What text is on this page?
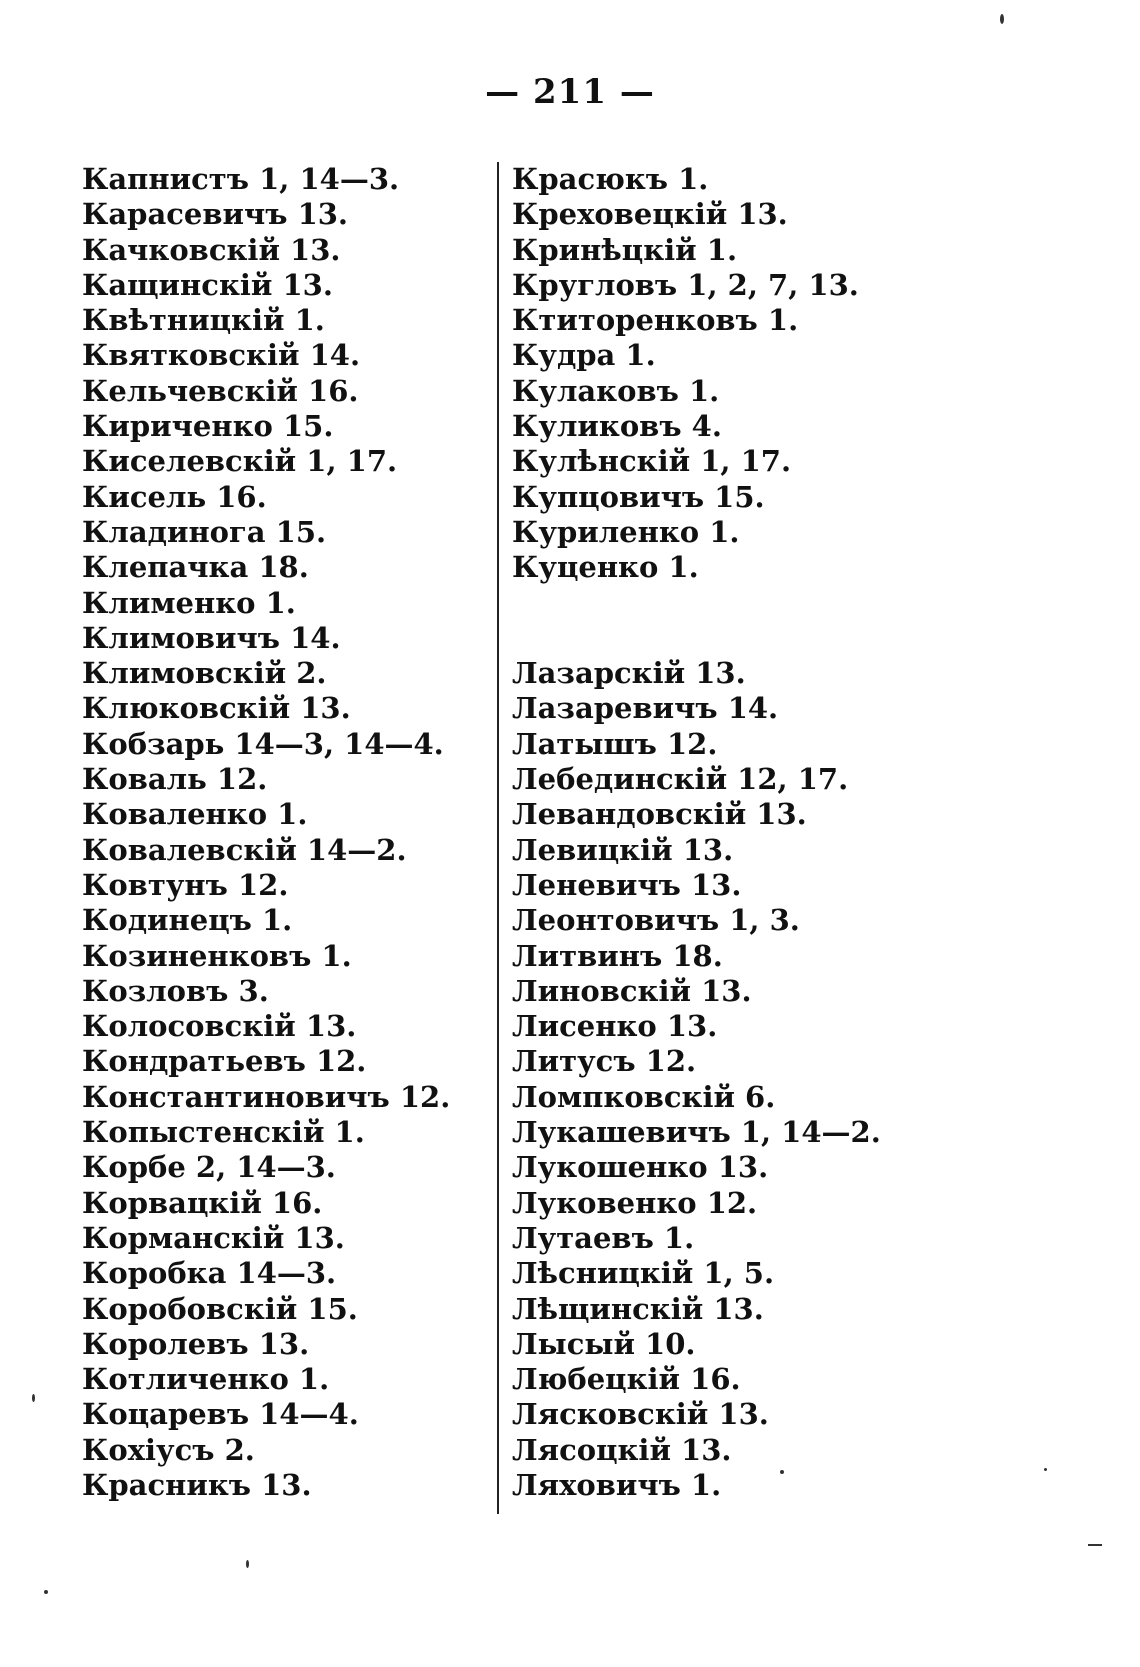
— 211 —
Капнистъ 1, 14—3.
Карасевичъ 13.
Качковскій 13.
Кащинскій 13.
Квѣтницкій 1.
Квятковскій 14.
Кельчевскій 16.
Кириченко 15.
Киселевскій 1, 17.
Кисель 16.
Кладинога 15.
Клепачка 18.
Клименко 1.
Климовичъ 14.
Климовскій 2.
Клюковскій 13.
Кобзарь 14—3, 14—4.
Коваль 12.
Коваленко 1.
Ковалевскій 14—2.
Ковтунъ 12.
Кодинецъ 1.
Козиненковъ 1.
Козловъ 3.
Колосовскій 13.
Кондратьевъ 12.
Константиновичъ 12.
Копыстенскій 1.
Корбе 2, 14—3.
Корвацкій 16.
Корманскій 13.
Коробка 14—3.
Коробовскій 15.
Королевъ 13.
Котличенко 1.
Коцаревъ 14—4.
Кохіусъ 2.
Красникъ 13.
Красюкъ 1.
Креховецкій 13.
Кринѣцкій 1.
Кругловъ 1, 2, 7, 13.
Ктиторенковъ 1.
Кудра 1.
Кулаковъ 1.
Куликовъ 4.
Кулѣнскій 1, 17.
Купцовичъ 15.
Куриленко 1.
Куценко 1.
Лазарскій 13.
Лазаревичъ 14.
Латышъ 12.
Лебединскій 12, 17.
Левандовскій 13.
Левицкій 13.
Леневичъ 13.
Леонтовичъ 1, 3.
Литвинъ 18.
Линовскій 13.
Лисенко 13.
Литусъ 12.
Ломпковскій 6.
Лукашевичъ 1, 14—2.
Лукошенко 13.
Луковенко 12.
Лутаевъ 1.
Лѣсницкій 1, 5.
Лѣщинскій 13.
Лысый 10.
Любецкій 16.
Лясковскій 13.
Лясоцкій 13.
Ляховичъ 1.
